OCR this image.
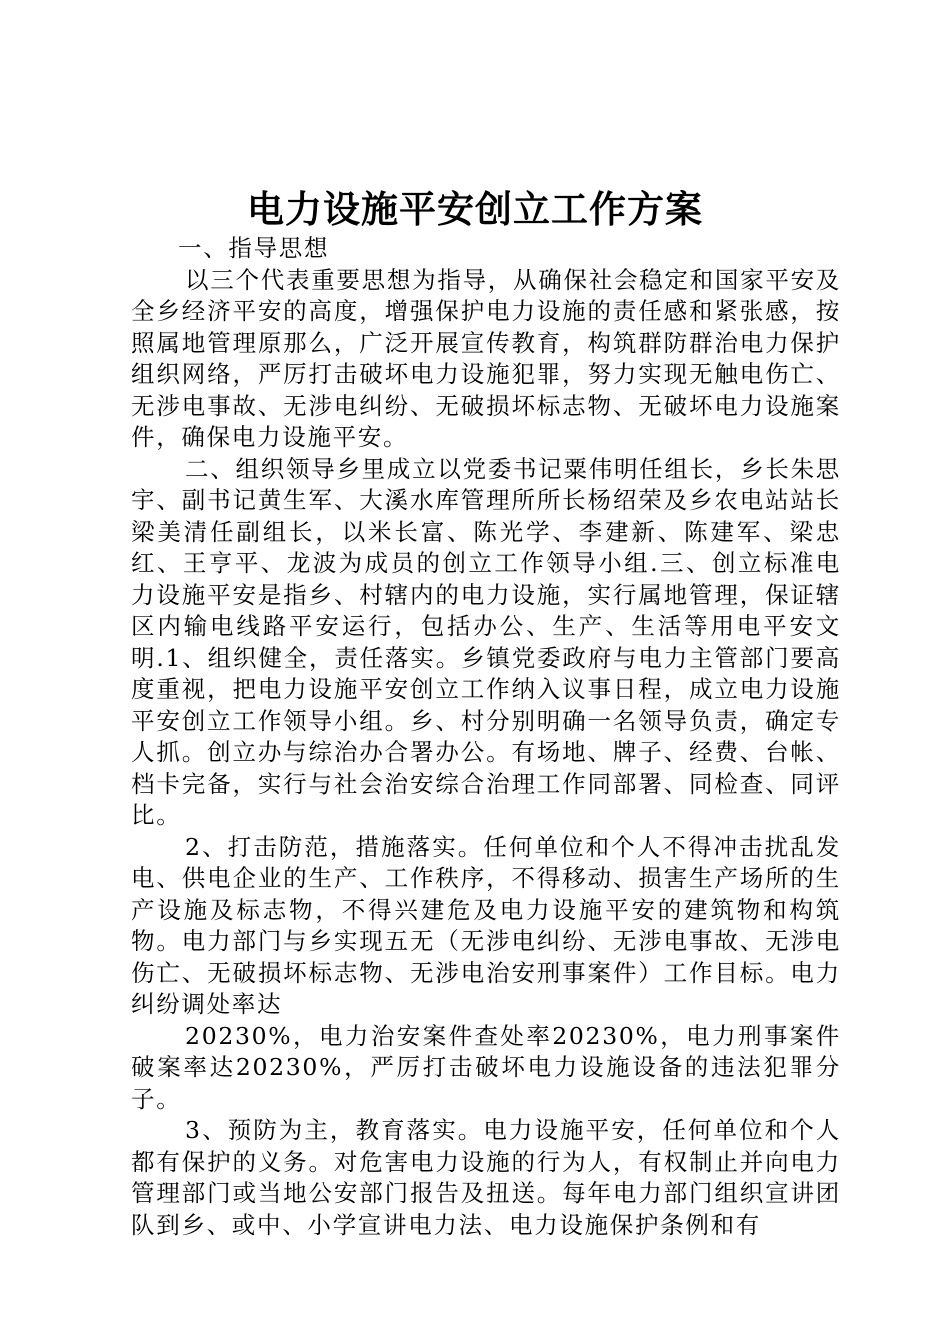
电力设施平安创立工作方案

一、指导思想

以三个代表重要思想为指导，从确保社会稳定和国家平安及全乡经济平安的高度，增强保护电力设施的责任感和紧张感，按照属地管理原那么，广泛开展宣传教育，构筑群防群治电力保护组织网络，严厉打击破坏电力设施犯罪，努力实现无触电伤亡、无涉电事故、无涉电纠纷、无破损坏标志物、无破坏电力设施案件，确保电力设施平安。

二、组织领导乡里成立以党委书记粟伟明任组长，乡长朱思宇、副书记黄生军、大溪水库管理所所长杨绍荣及乡农电站站长梁美清任副组长，以米长富、陈光学、李建新、陈建军、梁忠红、王亨平、龙波为成员的创立工作领导小组.三、创立标准电力设施平安是指乡、村辖内的电力设施，实行属地管理，保证辖区内输电线路平安运行，包括办公、生产、生活等用电平安文明.1、组织健全，责任落实。乡镇党委政府与电力主管部门要高度重视，把电力设施平安创立工作纳入议事日程，成立电力设施平安创立工作领导小组。乡、村分别明确一名领导负责，确定专人抓。创立办与综治办合署办公。有场地、牌子、经费、台帐、档卡完备，实行与社会治安综合治理工作同部署、同检查、同评比。

2、打击防范，措施落实。任何单位和个人不得冲击扰乱发电、供电企业的生产、工作秩序，不得移动、损害生产场所的生产设施及标志物，不得兴建危及电力设施平安的建筑物和构筑物。电力部门与乡实现五无（无涉电纠纷、无涉电事故、无涉电伤亡、无破损坏标志物、无涉电治安刑事案件）工作目标。电力纠纷调处率达

20230%，电力治安案件查处率20230%，电力刑事案件破案率达20230%，严厉打击破坏电力设施设备的违法犯罪分子。

3、预防为主，教育落实。电力设施平安，任何单位和个人都有保护的义务。对危害电力设施的行为人，有权制止并向电力管理部门或当地公安部门报告及扭送。每年电力部门组织宣讲团队到乡、或中、小学宣讲电力法、电力设施保护条例和有
